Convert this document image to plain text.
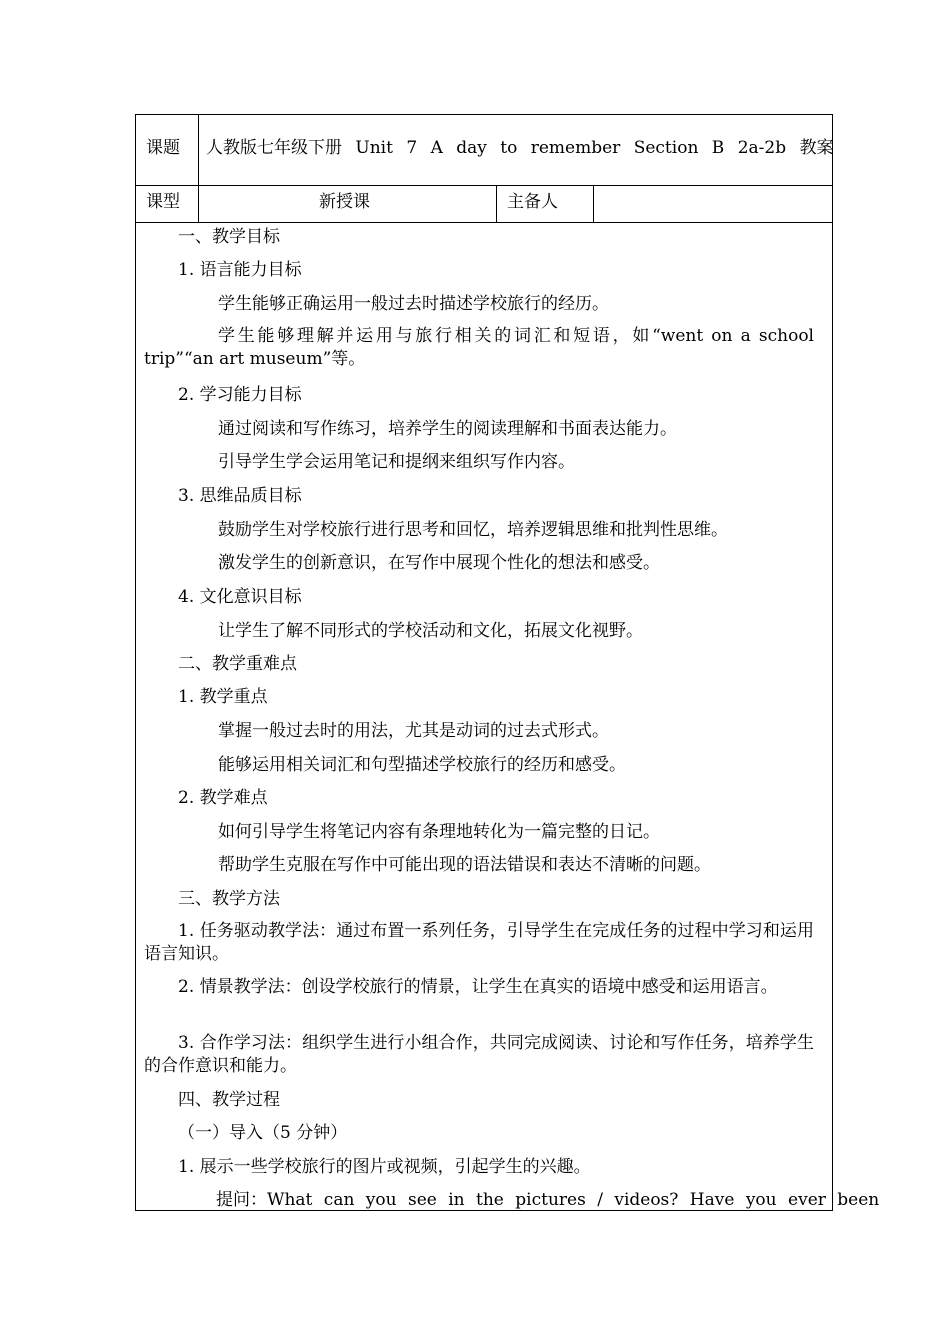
课题 人教版七年级下册 Unit 7 A day to remember Section B 2a-2b 教案
课型	新授课	主备人
一、教学目标
1. 语言能力目标
学生能够正确运用一般过去时描述学校旅行的经历。
学生能够理解并运用与旅行相关的词汇和短语，如“went on a school trip”“an art museum”等。
2. 学习能力目标
通过阅读和写作练习，培养学生的阅读理解和书面表达能力。
引导学生学会运用笔记和提纲来组织写作内容。
3. 思维品质目标
鼓励学生对学校旅行进行思考和回忆，培养逻辑思维和批判性思维。
激发学生的创新意识，在写作中展现个性化的想法和感受。
4. 文化意识目标
让学生了解不同形式的学校活动和文化，拓展文化视野。
二、教学重难点
1. 教学重点
掌握一般过去时的用法，尤其是动词的过去式形式。
能够运用相关词汇和句型描述学校旅行的经历和感受。
2. 教学难点
如何引导学生将笔记内容有条理地转化为一篇完整的日记。
帮助学生克服在写作中可能出现的语法错误和表达不清晰的问题。
三、教学方法
1. 任务驱动教学法：通过布置一系列任务，引导学生在完成任务的过程中学习和运用语言知识。
2. 情景教学法：创设学校旅行的情景，让学生在真实的语境中感受和运用语言。
3. 合作学习法：组织学生进行小组合作，共同完成阅读、讨论和写作任务，培养学生的合作意识和能力。
四、教学过程
（一）导入（5 分钟）
1. 展示一些学校旅行的图片或视频，引起学生的兴趣。
提问：What can you see in the pictures / videos? Have you ever been
